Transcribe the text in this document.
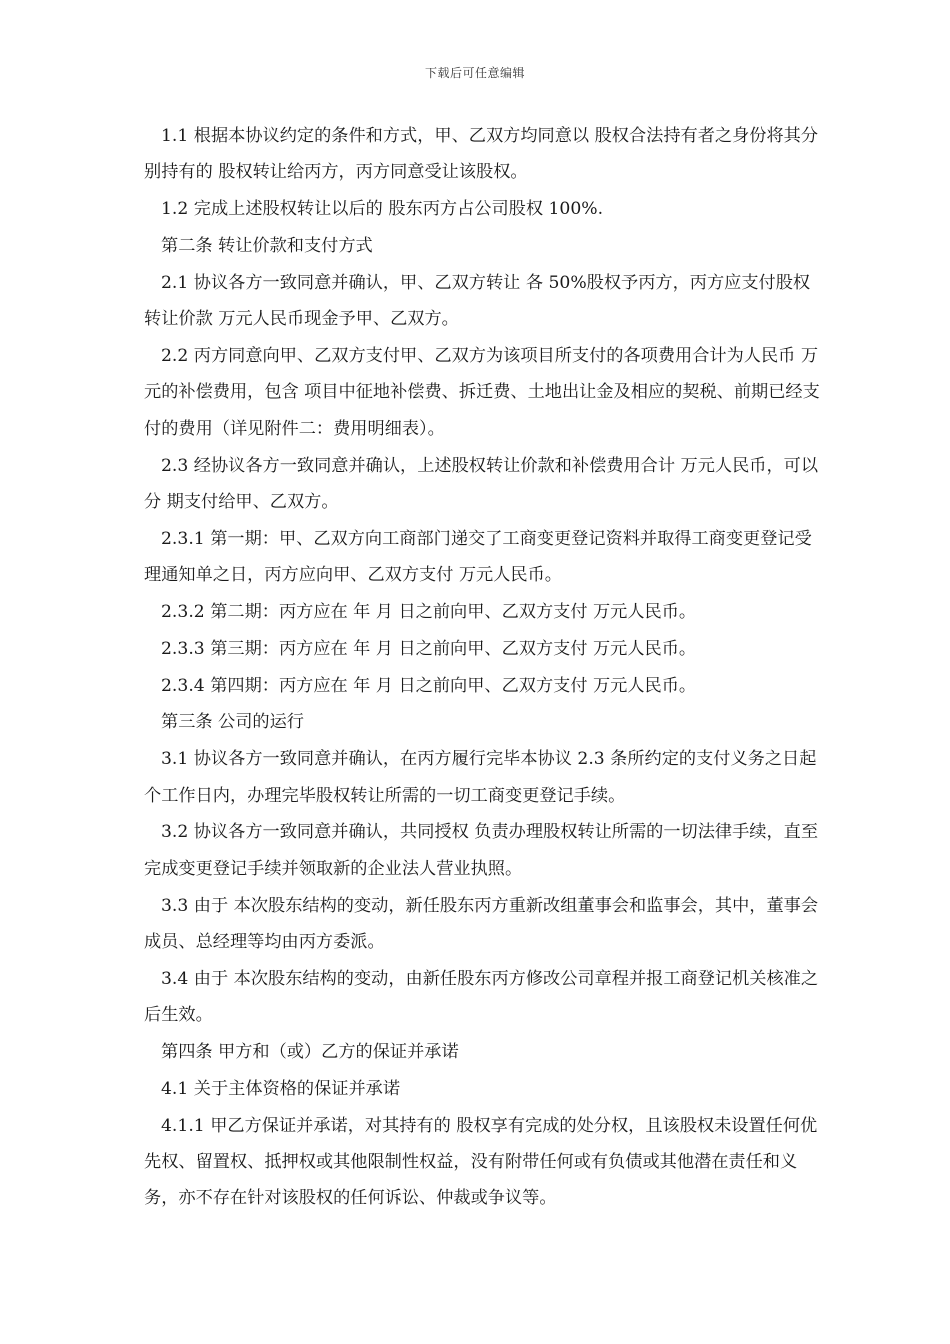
下载后可任意编辑

1.1 根据本协议约定的条件和方式，甲、乙双方均同意以 股权合法持有者之身份将其分别持有的 股权转让给丙方，丙方同意受让该股权。

1.2 完成上述股权转让以后的 股东丙方占公司股权 100%.

第二条 转让价款和支付方式

2.1 协议各方一致同意并确认，甲、乙双方转让 各 50%股权予丙方，丙方应支付股权转让价款 万元人民币现金予甲、乙双方。

2.2 丙方同意向甲、乙双方支付甲、乙双方为该项目所支付的各项费用合计为人民币 万元的补偿费用，包含 项目中征地补偿费、拆迁费、土地出让金及相应的契税、前期已经支付的费用（详见附件二：费用明细表）。

2.3 经协议各方一致同意并确认，上述股权转让价款和补偿费用合计 万元人民币，可以分 期支付给甲、乙双方。

2.3.1 第一期：甲、乙双方向工商部门递交了工商变更登记资料并取得工商变更登记受理通知单之日，丙方应向甲、乙双方支付 万元人民币。

2.3.2 第二期：丙方应在 年 月 日之前向甲、乙双方支付 万元人民币。

2.3.3 第三期：丙方应在 年 月 日之前向甲、乙双方支付 万元人民币。

2.3.4 第四期：丙方应在 年 月 日之前向甲、乙双方支付 万元人民币。

第三条 公司的运行

3.1 协议各方一致同意并确认，在丙方履行完毕本协议 2.3 条所约定的支付义务之日起 个工作日内，办理完毕股权转让所需的一切工商变更登记手续。

3.2 协议各方一致同意并确认，共同授权 负责办理股权转让所需的一切法律手续，直至 完成变更登记手续并领取新的企业法人营业执照。

3.3 由于 本次股东结构的变动，新任股东丙方重新改组董事会和监事会，其中，董事会成员、总经理等均由丙方委派。

3.4 由于 本次股东结构的变动，由新任股东丙方修改公司章程并报工商登记机关核准之后生效。

第四条 甲方和（或）乙方的保证并承诺

4.1 关于主体资格的保证并承诺

4.1.1 甲乙方保证并承诺，对其持有的 股权享有完成的处分权，且该股权未设置任何优先权、留置权、抵押权或其他限制性权益，没有附带任何或有负债或其他潜在责任和义务，亦不存在针对该股权的任何诉讼、仲裁或争议等。
